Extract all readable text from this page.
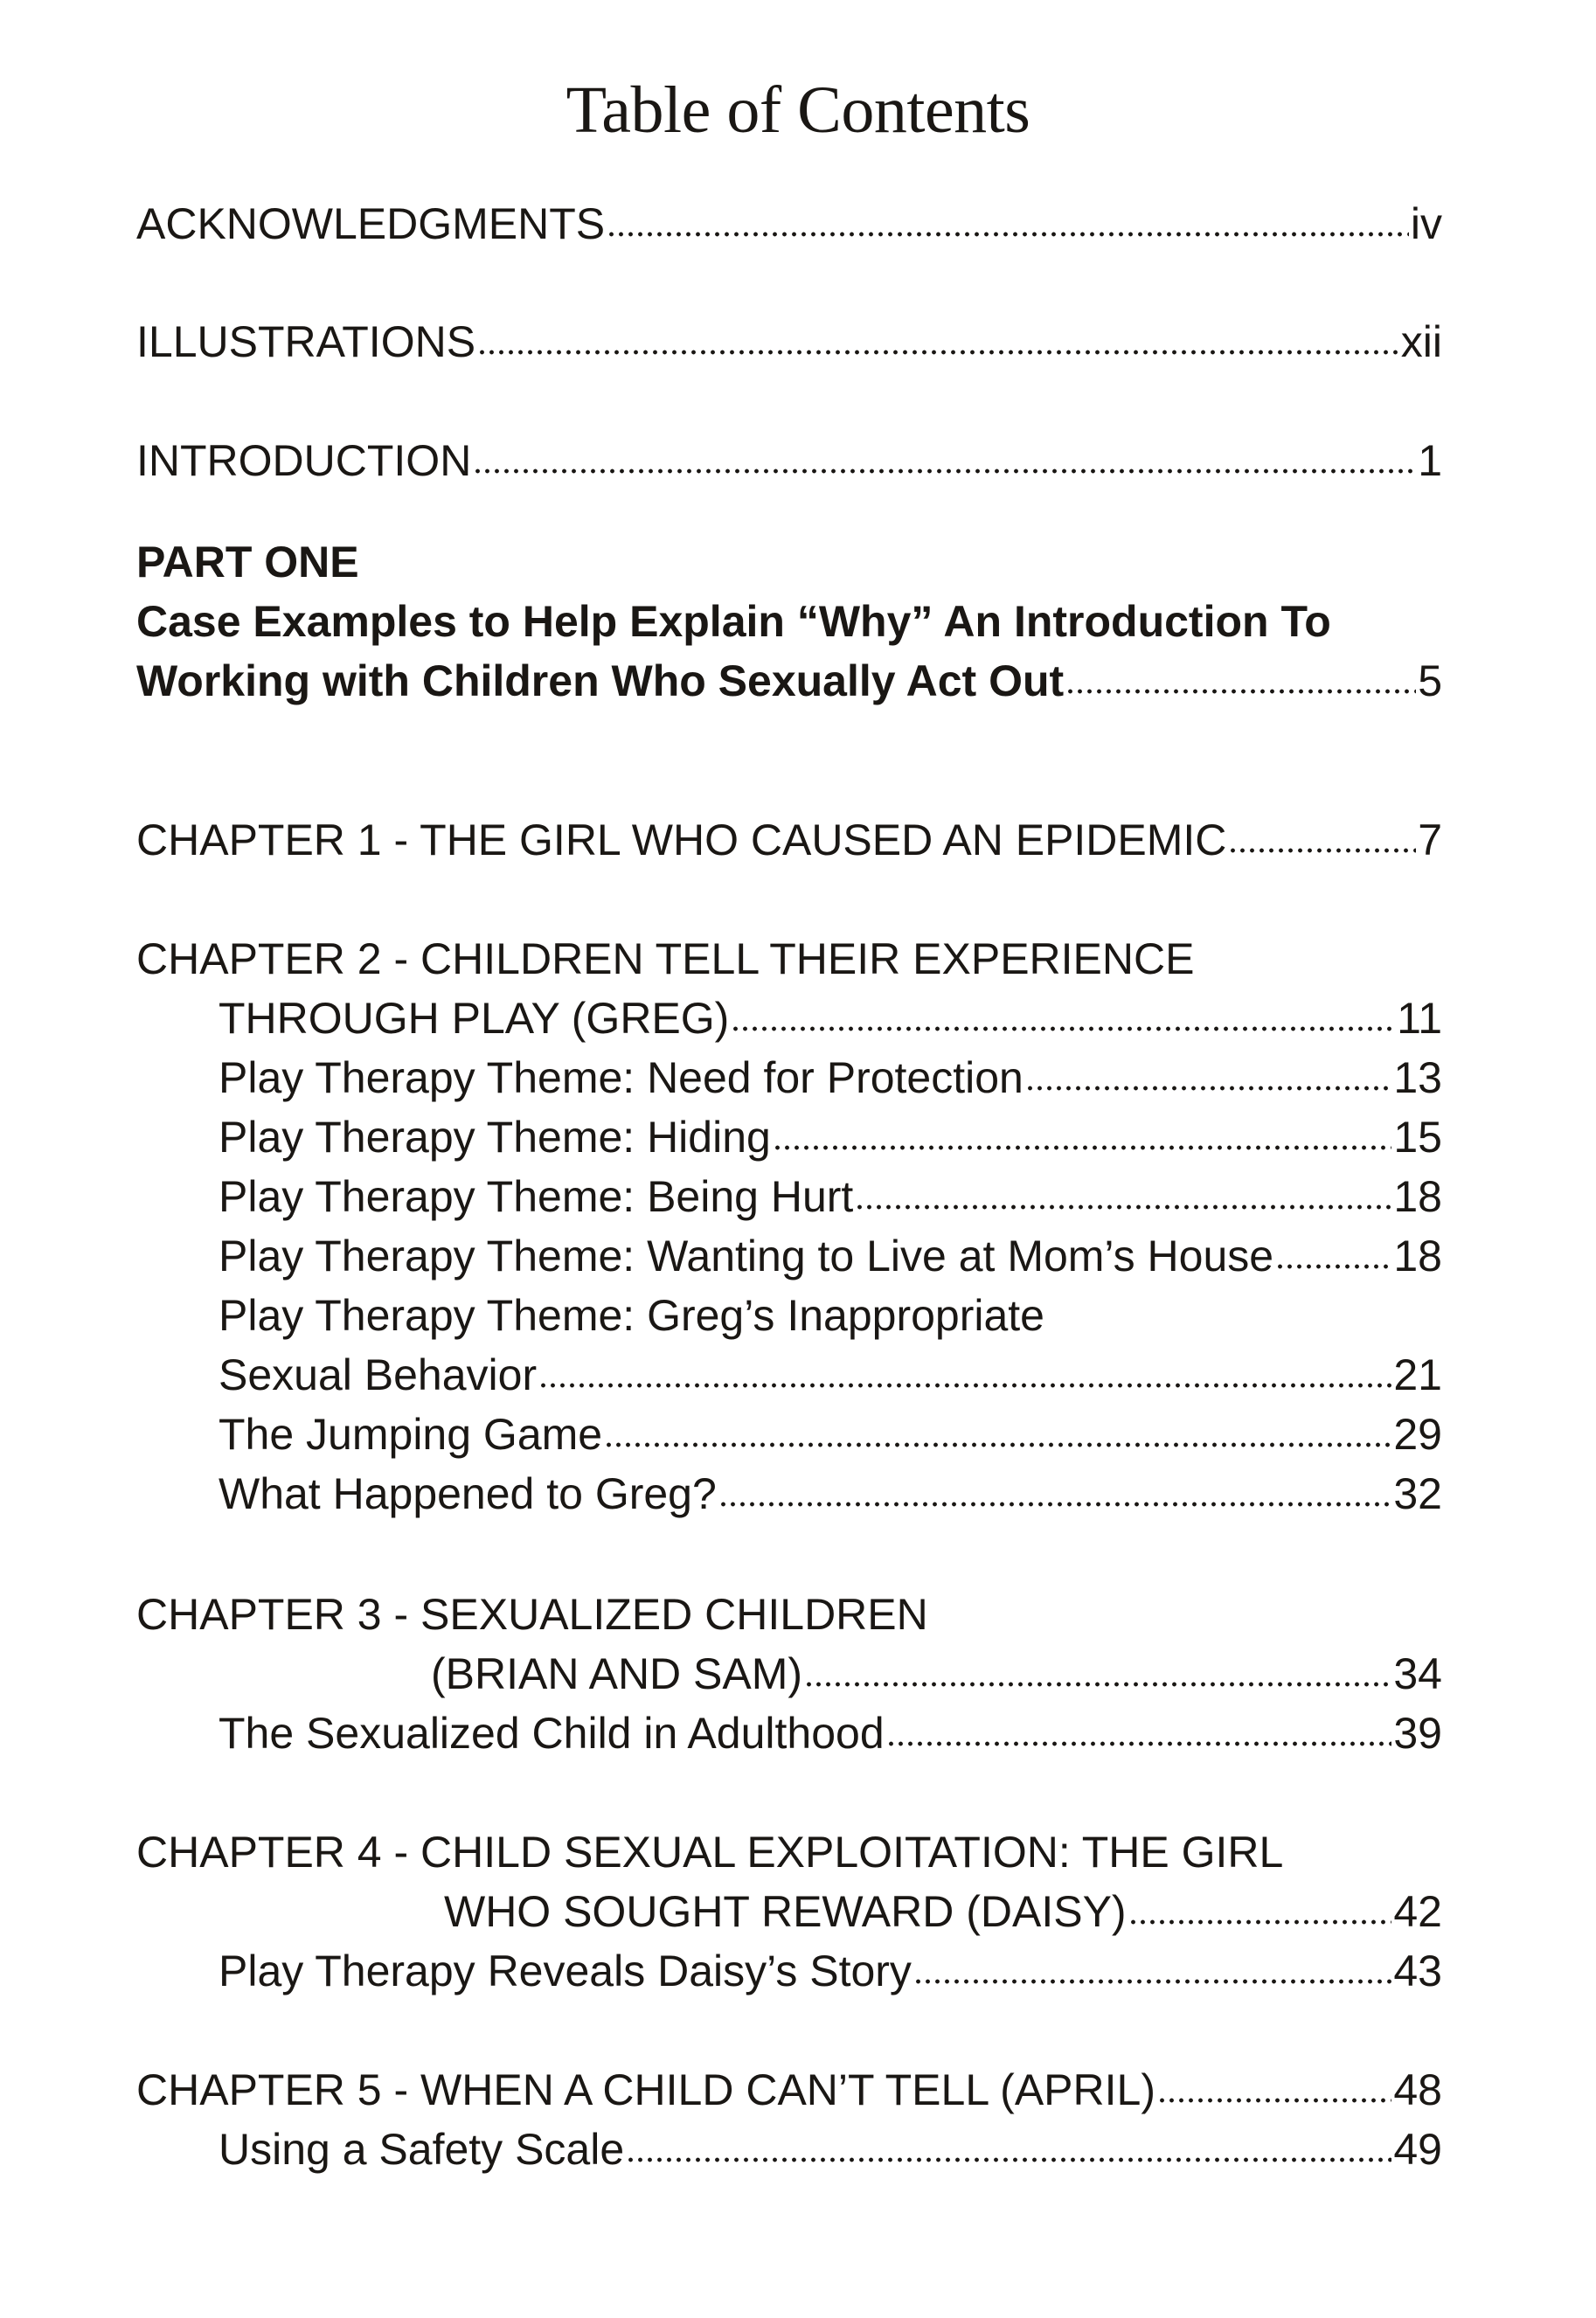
Table of Contents
ACKNOWLEDGMENTS	iv
ILLUSTRATIONS	xii
INTRODUCTION	1
PART ONE
Case Examples to Help Explain “Why” An Introduction To
Working with Children Who Sexually Act Out	5
CHAPTER 1 - THE GIRL WHO CAUSED AN EPIDEMIC	7
CHAPTER 2 - CHILDREN TELL THEIR EXPERIENCE
THROUGH PLAY (GREG)	11
Play Therapy Theme: Need for Protection	13
Play Therapy Theme: Hiding	15
Play Therapy Theme: Being Hurt	18
Play Therapy Theme: Wanting to Live at Mom’s House	18
Play Therapy Theme: Greg’s Inappropriate
Sexual Behavior	21
The Jumping Game	29
What Happened to Greg?	32
CHAPTER 3 - SEXUALIZED CHILDREN
(BRIAN AND SAM)	34
The Sexualized Child in Adulthood	39
CHAPTER 4 - CHILD SEXUAL EXPLOITATION: THE GIRL
WHO SOUGHT REWARD (DAISY)	42
Play Therapy Reveals Daisy’s Story	43
CHAPTER 5 - WHEN A CHILD CAN’T TELL (APRIL)	48
Using a Safety Scale	49
